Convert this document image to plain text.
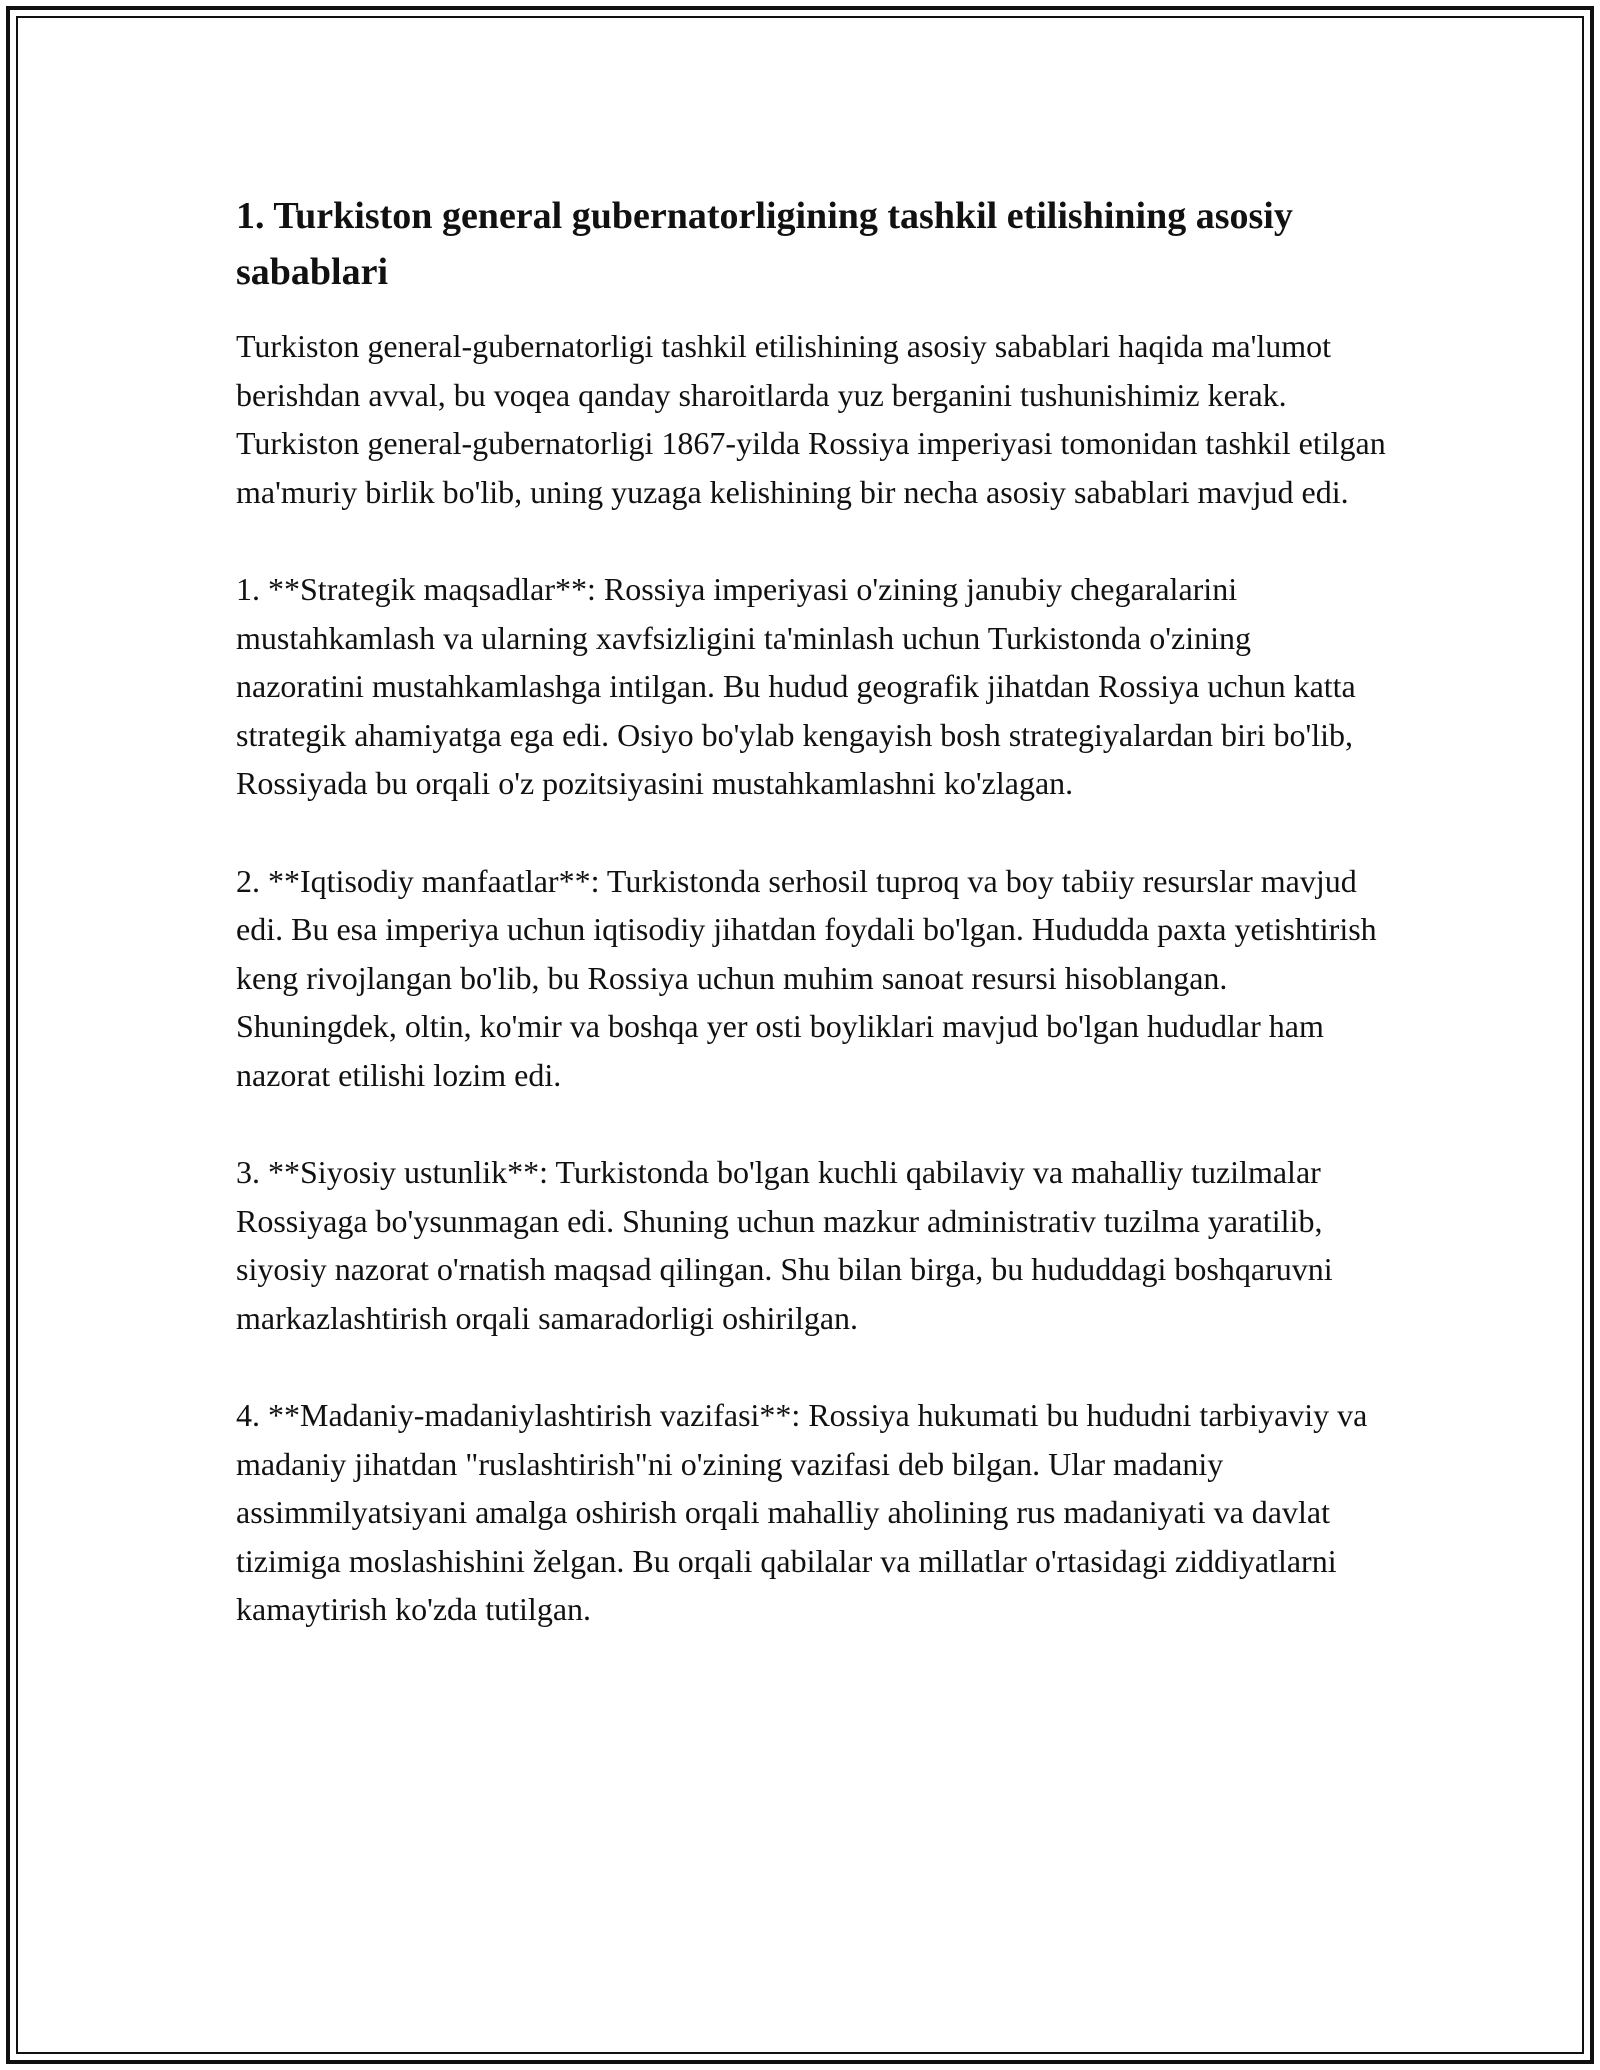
1. Turkiston general gubernatorligining tashkil etilishining asosiy sabablari

Turkiston general-gubernatorligi tashkil etilishining asosiy sabablari haqida ma'lumot berishdan avval, bu voqea qanday sharoitlarda yuz berganini tushunishimiz kerak. Turkiston general-gubernatorligi 1867-yilda Rossiya imperiyasi tomonidan tashkil etilgan ma'muriy birlik bo'lib, uning yuzaga kelishining bir necha asosiy sabablari mavjud edi.

1. **Strategik maqsadlar**: Rossiya imperiyasi o'zining janubiy chegaralarini mustahkamlash va ularning xavfsizligini ta'minlash uchun Turkistonda o'zining nazoratini mustahkamlashga intilgan. Bu hudud geografik jihatdan Rossiya uchun katta strategik ahamiyatga ega edi. Osiyo bo'ylab kengayish bosh strategiyalardan biri bo'lib, Rossiyada bu orqali o'z pozitsiyasini mustahkamlashni ko'zlagan.

2. **Iqtisodiy manfaatlar**: Turkistonda serhosil tuproq va boy tabiiy resurslar mavjud edi. Bu esa imperiya uchun iqtisodiy jihatdan foydali bo'lgan. Hududda paxta yetishtirish keng rivojlangan bo'lib, bu Rossiya uchun muhim sanoat resursi hisoblangan. Shuningdek, oltin, ko'mir va boshqa yer osti boyliklari mavjud bo'lgan hududlar ham nazorat etilishi lozim edi.

3. **Siyosiy ustunlik**: Turkistonda bo'lgan kuchli qabilaviy va mahalliy tuzilmalar Rossiyaga bo'ysunmagan edi. Shuning uchun mazkur administrativ tuzilma yaratilib, siyosiy nazorat o'rnatish maqsad qilingan. Shu bilan birga, bu hududdagi boshqaruvni markazlashtirish orqali samaradorligi oshirilgan.

4. **Madaniy-madaniylashtirish vazifasi**: Rossiya hukumati bu hududni tarbiyaviy va madaniy jihatdan "ruslashtirish"ni o'zining vazifasi deb bilgan. Ular madaniy assimmilyatsiyani amalga oshirish orqali mahalliy aholining rus madaniyati va davlat tizimiga moslashishini želgan. Bu orqali qabilalar va millatlar o'rtasidagi ziddiyatlarni kamaytirish ko'zda tutilgan.
